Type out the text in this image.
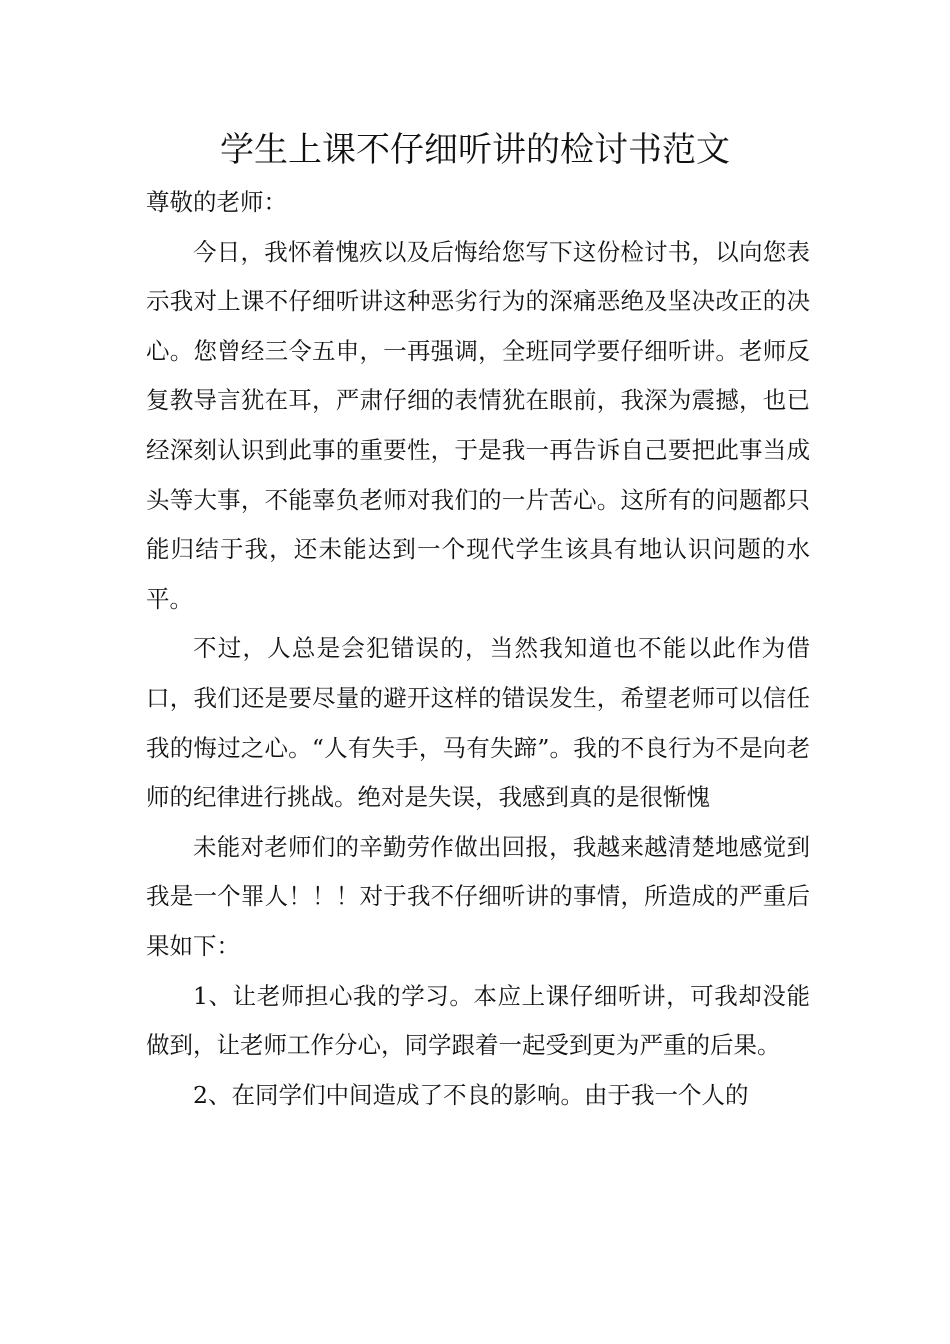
学生上课不仔细听讲的检讨书范文

尊敬的老师：

今日，我怀着愧疚以及后悔给您写下这份检讨书，以向您表示我对上课不仔细听讲这种恶劣行为的深痛恶绝及坚决改正的决心。您曾经三令五申，一再强调，全班同学要仔细听讲。老师反复教导言犹在耳，严肃仔细的表情犹在眼前，我深为震撼，也已经深刻认识到此事的重要性，于是我一再告诉自己要把此事当成头等大事，不能辜负老师对我们的一片苦心。这所有的问题都只能归结于我，还未能达到一个现代学生该具有地认识问题的水平。

不过，人总是会犯错误的，当然我知道也不能以此作为借口，我们还是要尽量的避开这样的错误发生，希望老师可以信任我的悔过之心。“人有失手，马有失蹄”。我的不良行为不是向老师的纪律进行挑战。绝对是失误，我感到真的是很惭愧

未能对老师们的辛勤劳作做出回报，我越来越清楚地感觉到我是一个罪人！！！对于我不仔细听讲的事情，所造成的严重后果如下：

1、让老师担心我的学习。本应上课仔细听讲，可我却没能做到，让老师工作分心，同学跟着一起受到更为严重的后果。

2、在同学们中间造成了不良的影响。由于我一个人的
